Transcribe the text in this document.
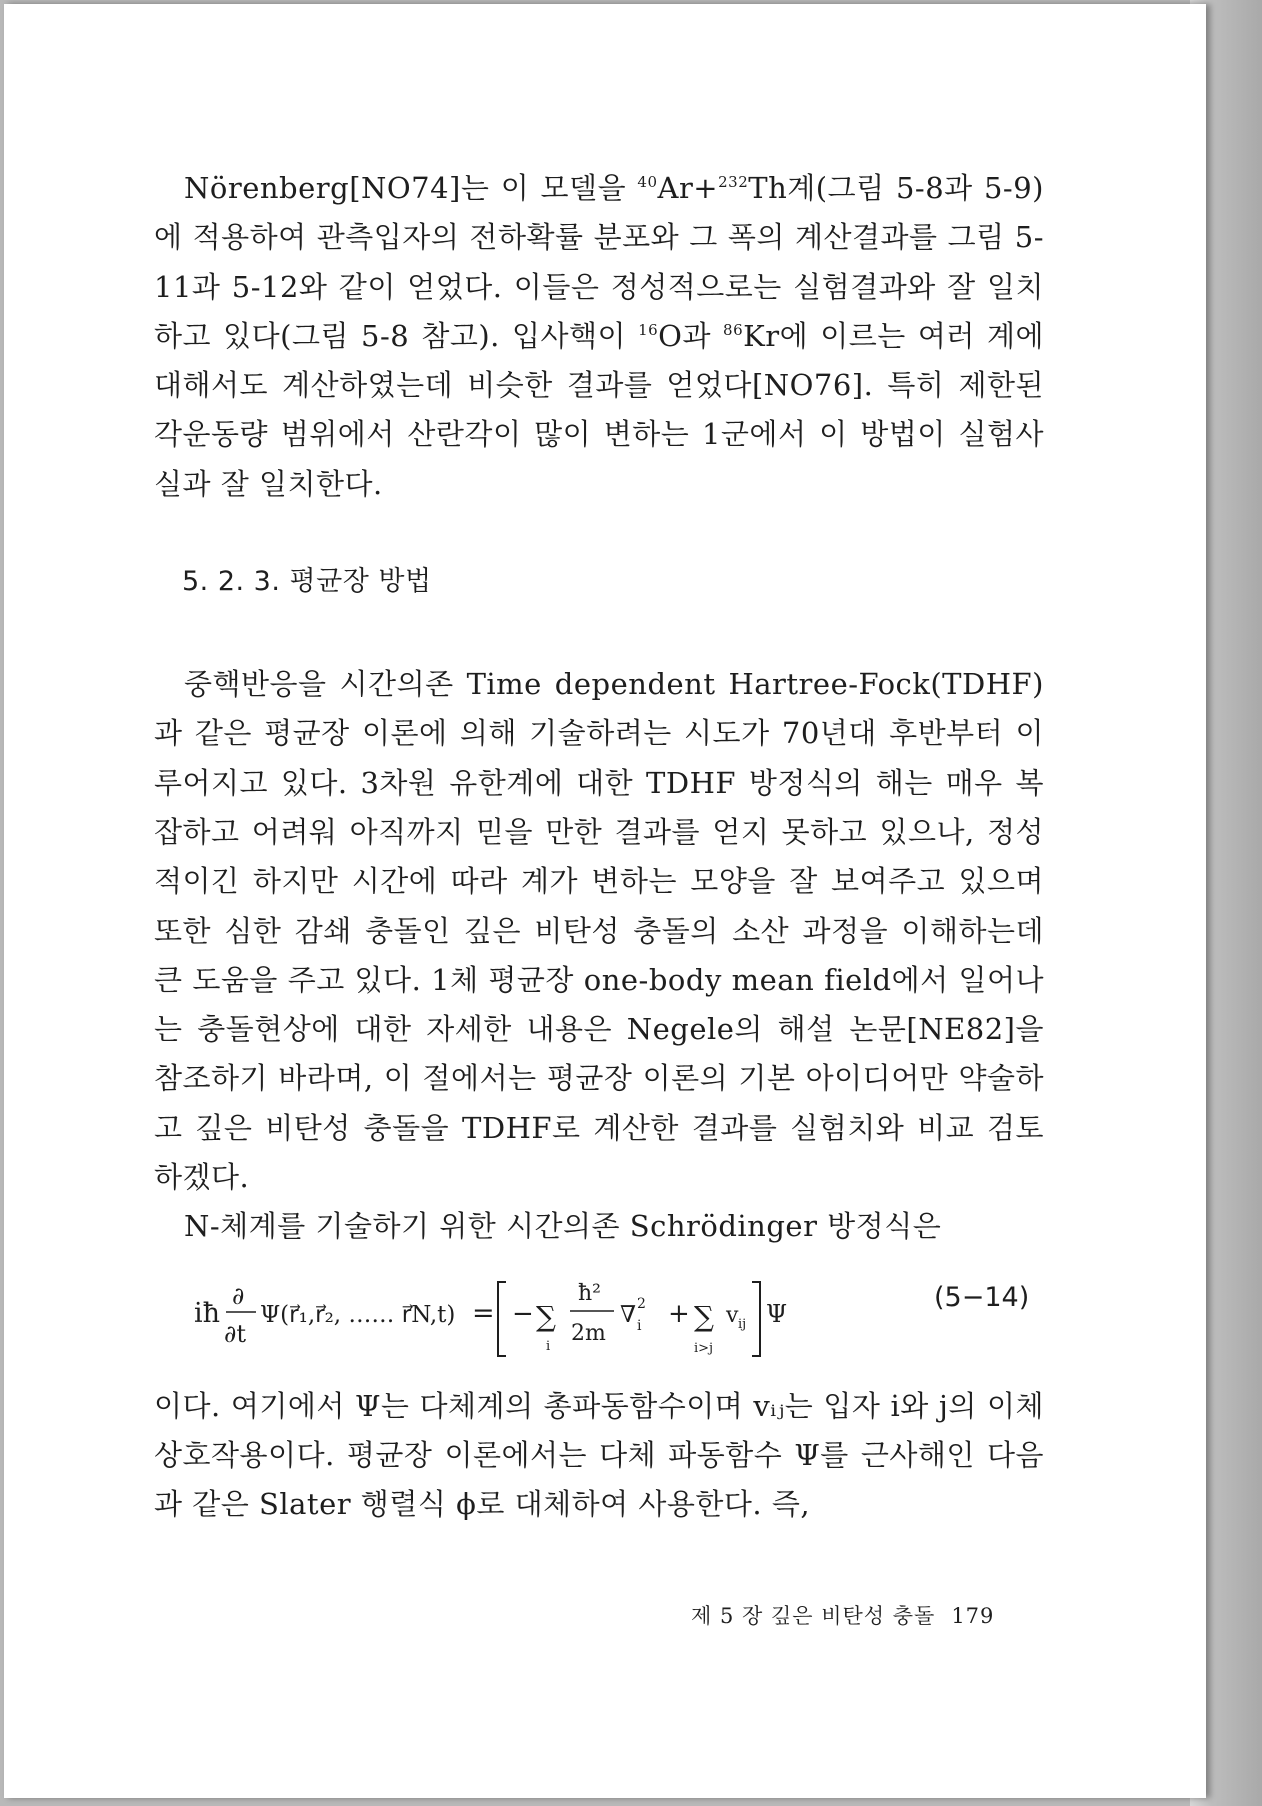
Nörenberg[NO74]는 이 모델을 $^{40}$Ar+$^{232}$Th계(그림 5-8과 5-9)에 적용하여 관측입자의 전하확률 분포와 그 폭의 계산결과를 그림 5-11과 5-12와 같이 얻었다. 이들은 정성적으로는 실험결과와 잘 일치하고 있다(그림 5-8 참고). 입사핵이 $^{16}$O과 $^{86}$Kr에 이르는 여러 계에 대해서도 계산하였는데 비슷한 결과를 얻었다[NO76]. 특히 제한된 각운동량 범위에서 산란각이 많이 변하는 1군에서 이 방법이 실험사실과 잘 일치한다.

5. 2. 3. 평균장 방법

중핵반응을 시간의존 Time dependent Hartree-Fock(TDHF)과 같은 평균장 이론에 의해 기술하려는 시도가 70년대 후반부터 이루어지고 있다. 3차원 유한계에 대한 TDHF 방정식의 해는 매우 복잡하고 어려워 아직까지 믿을 만한 결과를 얻지 못하고 있으나, 정성적이긴 하지만 시간에 따라 계가 변하는 모양을 잘 보여주고 있으며 또한 심한 감쇄 충돌인 깊은 비탄성 충돌의 소산 과정을 이해하는데 큰 도움을 주고 있다. 1체 평균장 one-body mean field에서 일어나는 충돌현상에 대한 자세한 내용은 Negele의 해설 논문[NE82]을 참조하기 바라며, 이 절에서는 평균장 이론의 기본 아이디어만 약술하고 깊은 비탄성 충돌을 TDHF로 계산한 결과를 실험치와 비교 검토하겠다.

N-체계를 기술하기 위한 시간의존 Schrödinger 방정식은

iħ
∂
∂t
Ψ(r⃗₁,r⃗₂, …… r⃗N,t) = − ∑
i
ħ²
2m
∇ 2
i + ∑
i>j
v ij Ψ
(5−14)

이다. 여기에서 Ψ는 다체계의 총파동함수이며 vᵢⱼ는 입자 i와 j의 이체 상호작용이다. 평균장 이론에서는 다체 파동함수 Ψ를 근사해인 다음과 같은 Slater 행렬식 ϕ로 대체하여 사용한다. 즉,

제 5 장 깊은 비탄성 충돌 179
